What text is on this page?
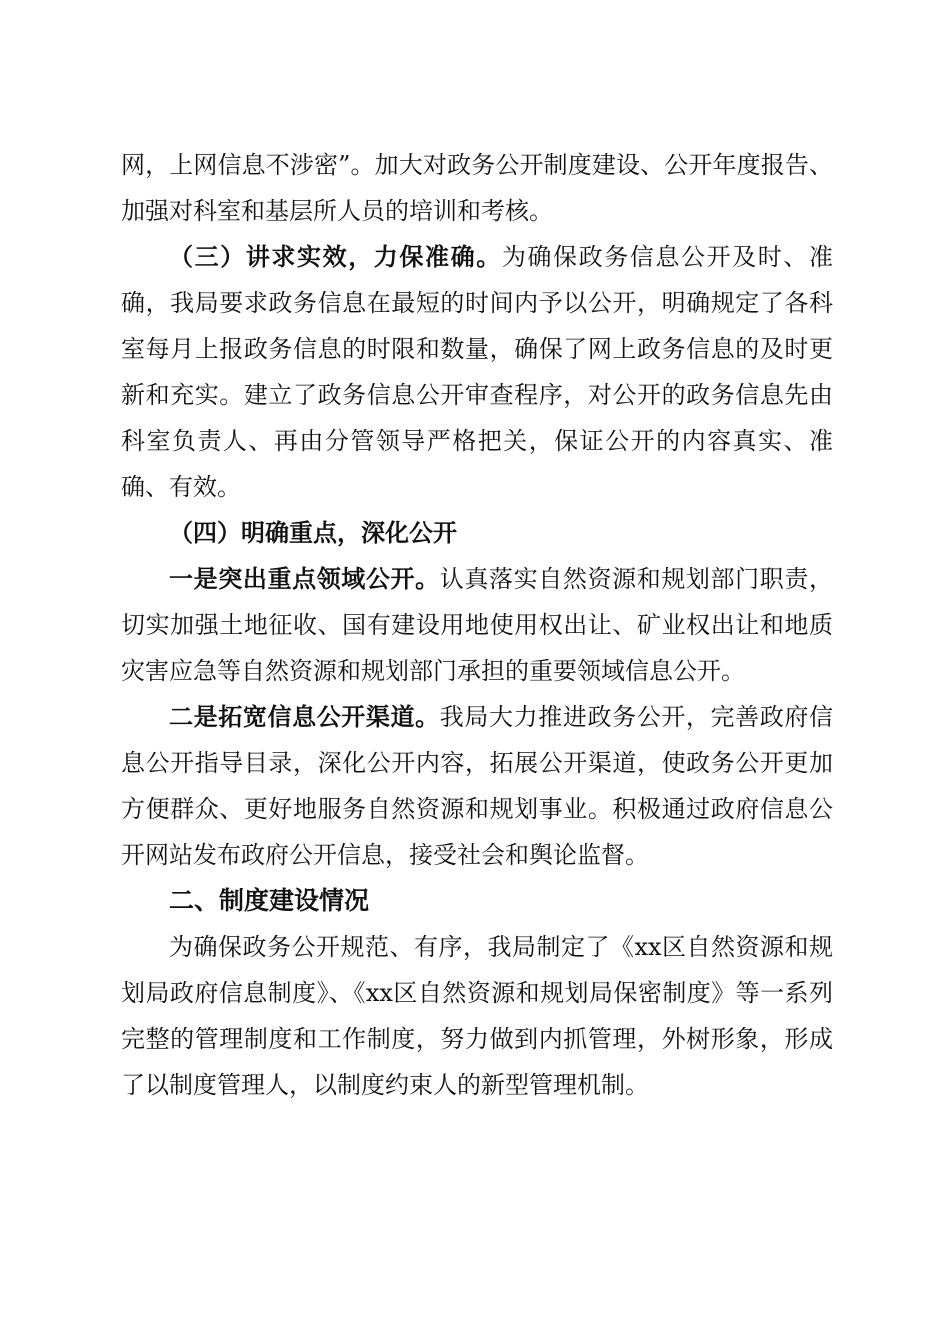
网，上网信息不涉密”。加大对政务公开制度建设、公开年度报告、加强对科室和基层所人员的培训和考核。

（三）讲求实效，力保准确。为确保政务信息公开及时、准确，我局要求政务信息在最短的时间内予以公开，明确规定了各科室每月上报政务信息的时限和数量，确保了网上政务信息的及时更新和充实。建立了政务信息公开审查程序，对公开的政务信息先由科室负责人、再由分管领导严格把关，保证公开的内容真实、准确、有效。

（四）明确重点，深化公开

一是突出重点领域公开。认真落实自然资源和规划部门职责，切实加强土地征收、国有建设用地使用权出让、矿业权出让和地质灾害应急等自然资源和规划部门承担的重要领域信息公开。

二是拓宽信息公开渠道。我局大力推进政务公开，完善政府信息公开指导目录，深化公开内容，拓展公开渠道，使政务公开更加方便群众、更好地服务自然资源和规划事业。积极通过政府信息公开网站发布政府公开信息，接受社会和舆论监督。

二、制度建设情况

为确保政务公开规范、有序，我局制定了《xx区自然资源和规划局政府信息制度》、《xx区自然资源和规划局保密制度》等一系列完整的管理制度和工作制度，努力做到内抓管理，外树形象，形成了以制度管理人，以制度约束人的新型管理机制。
